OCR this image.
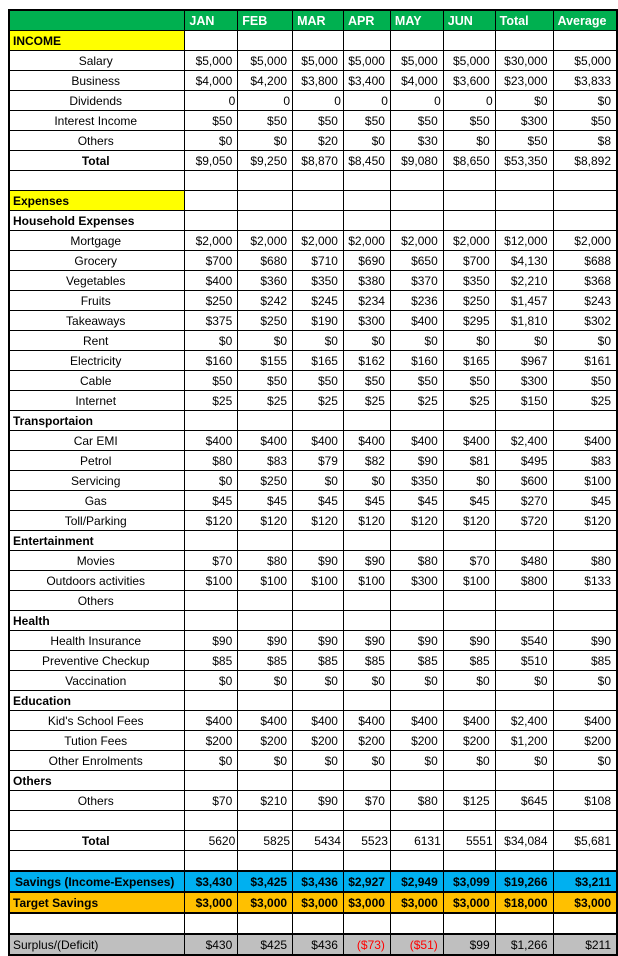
	JAN	FEB	MAR	APR	MAY	JUN	Total	Average
INCOME								
Salary	$5,000	$5,000	$5,000	$5,000	$5,000	$5,000	$30,000	$5,000
Business	$4,000	$4,200	$3,800	$3,400	$4,000	$3,600	$23,000	$3,833
Dividends	0	0	0	0	0	0	$0	$0
Interest Income	$50	$50	$50	$50	$50	$50	$300	$50
Others	$0	$0	$20	$0	$30	$0	$50	$8
Total	$9,050	$9,250	$8,870	$8,450	$9,080	$8,650	$53,350	$8,892

Expenses								
Household Expenses								
Mortgage	$2,000	$2,000	$2,000	$2,000	$2,000	$2,000	$12,000	$2,000
Grocery	$700	$680	$710	$690	$650	$700	$4,130	$688
Vegetables	$400	$360	$350	$380	$370	$350	$2,210	$368
Fruits	$250	$242	$245	$234	$236	$250	$1,457	$243
Takeaways	$375	$250	$190	$300	$400	$295	$1,810	$302
Rent	$0	$0	$0	$0	$0	$0	$0	$0
Electricity	$160	$155	$165	$162	$160	$165	$967	$161
Cable	$50	$50	$50	$50	$50	$50	$300	$50
Internet	$25	$25	$25	$25	$25	$25	$150	$25
Transportaion								
Car EMI	$400	$400	$400	$400	$400	$400	$2,400	$400
Petrol	$80	$83	$79	$82	$90	$81	$495	$83
Servicing	$0	$250	$0	$0	$350	$0	$600	$100
Gas	$45	$45	$45	$45	$45	$45	$270	$45
Toll/Parking	$120	$120	$120	$120	$120	$120	$720	$120
Entertainment								
Movies	$70	$80	$90	$90	$80	$70	$480	$80
Outdoors activities	$100	$100	$100	$100	$300	$100	$800	$133
Others								
Health								
Health Insurance	$90	$90	$90	$90	$90	$90	$540	$90
Preventive Checkup	$85	$85	$85	$85	$85	$85	$510	$85
Vaccination	$0	$0	$0	$0	$0	$0	$0	$0
Education								
Kid's School Fees	$400	$400	$400	$400	$400	$400	$2,400	$400
Tution Fees	$200	$200	$200	$200	$200	$200	$1,200	$200
Other Enrolments	$0	$0	$0	$0	$0	$0	$0	$0
Others								
Others	$70	$210	$90	$70	$80	$125	$645	$108

Total	5620	5825	5434	5523	6131	5551	$34,084	$5,681

Savings (Income-Expenses)	$3,430	$3,425	$3,436	$2,927	$2,949	$3,099	$19,266	$3,211
Target Savings	$3,000	$3,000	$3,000	$3,000	$3,000	$3,000	$18,000	$3,000

Surplus/(Deficit)	$430	$425	$436	($73)	($51)	$99	$1,266	$211
